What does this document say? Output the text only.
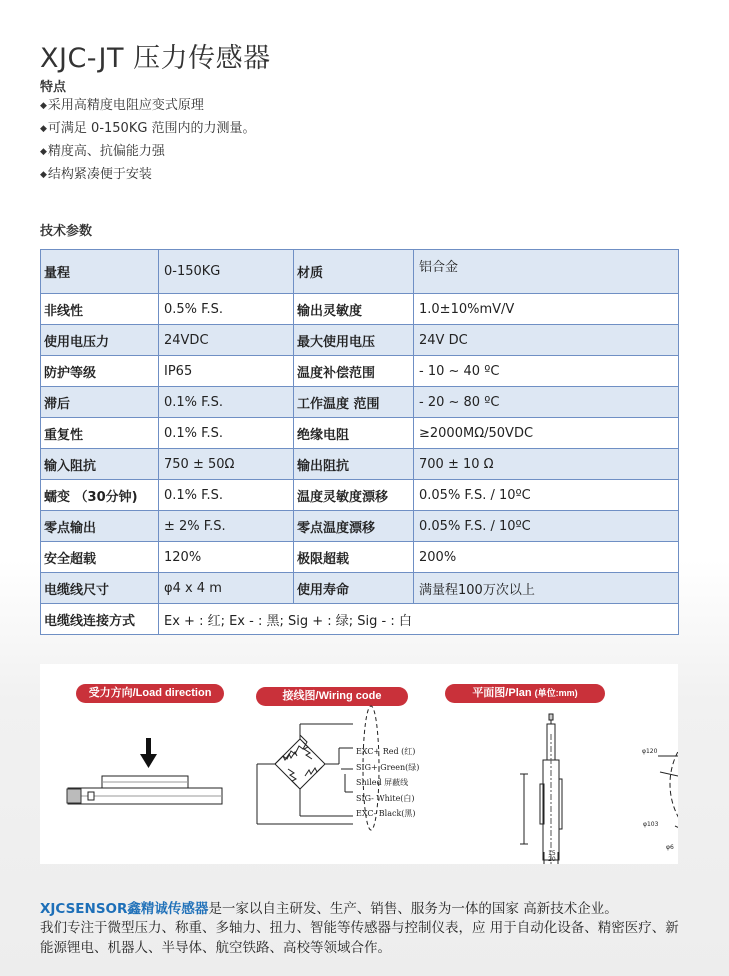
XJC-JT 压力传感器
特点
◆采用高精度电阻应变式原理
◆可满足 0-150KG 范围内的力测量。
◆精度高、抗偏能力强
◆结构紧凑便于安装
技术参数
量程	0-150KG	材质	铝合金
非线性	0.5% F.S.	输出灵敏度	1.0±10%mV/V
使用电压力	24VDC	最大使用电压	24V DC
防护等级	IP65	温度补偿范围	- 10 ~ 40 ºC
滞后	0.1% F.S.	工作温度 范围	- 20 ~ 80 ºC
重复性	0.1% F.S.	绝缘电阻	≥2000MΩ/50VDC
输入阻抗	750 ± 50Ω	输出阻抗	700 ± 10 Ω
蠕变 （30分钟)	0.1% F.S.	温度灵敏度漂移	0.05% F.S. / 10ºC
零点输出	± 2% F.S.	零点温度漂移	0.05% F.S. / 10ºC
安全超载	120%	极限超载	200%
电缆线尺寸	φ4 x 4 m	使用寿命	满量程100万次以上
电缆线连接方式	Ex + : 红; Ex - : 黑; Sig + : 绿; Sig - : 白		
受力方向/Load direction	接线图/Wiring code
EXC+ Red (红)
SIG+ Green(绿)
Shiled 屏蔽线
SIG- White(白)
EXC- Black(黑)
平面图/Plan (单位:mm)
φ120
φ103
15
20
φ6
XJCSENSOR鑫精诚传感器是一家以自主研发、生产、销售、服务为一体的国家 高新技术企业。
我们专注于微型压力、称重、多轴力、扭力、智能等传感器与控制仪表，应 用于自动化设备、精密医疗、新能源锂电、机器人、半导体、航空铁路、高校等领域合作。
